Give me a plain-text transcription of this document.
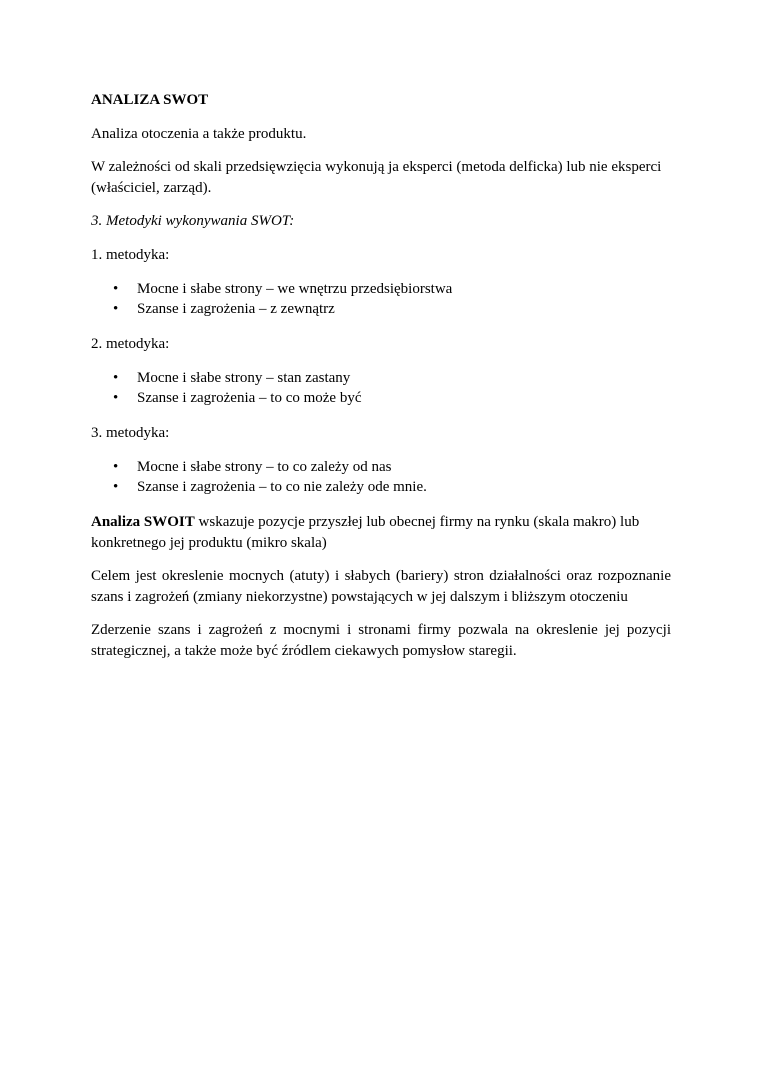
ANALIZA SWOT

Analiza otoczenia a także produktu.

W zależności od skali przedsięwzięcia wykonują ja eksperci (metoda delficka) lub nie eksperci (właściciel, zarząd).

3. Metodyki wykonywania SWOT:

1. metodyka:

• Mocne i słabe strony – we wnętrzu przedsiębiorstwa
• Szanse i zagrożenia – z zewnątrz

2. metodyka:

• Mocne i słabe strony – stan zastany
• Szanse i zagrożenia – to co może być

3. metodyka:

• Mocne i słabe strony – to co zależy od nas
• Szanse i zagrożenia – to co nie zależy ode mnie.

Analiza SWOIT wskazuje pozycje przyszłej lub obecnej firmy na rynku (skala makro) lub konkretnego jej produktu (mikro skala)

Celem jest okreslenie mocnych (atuty) i słabych (bariery) stron działalności oraz rozpoznanie szans i zagrożeń (zmiany niekorzystne) powstających w jej dalszym i bliższym otoczeniu

Zderzenie szans i zagrożeń z mocnymi i stronami firmy pozwala na okreslenie jej pozycji strategicznej, a także może być źródlem ciekawych pomysłow staregii.
